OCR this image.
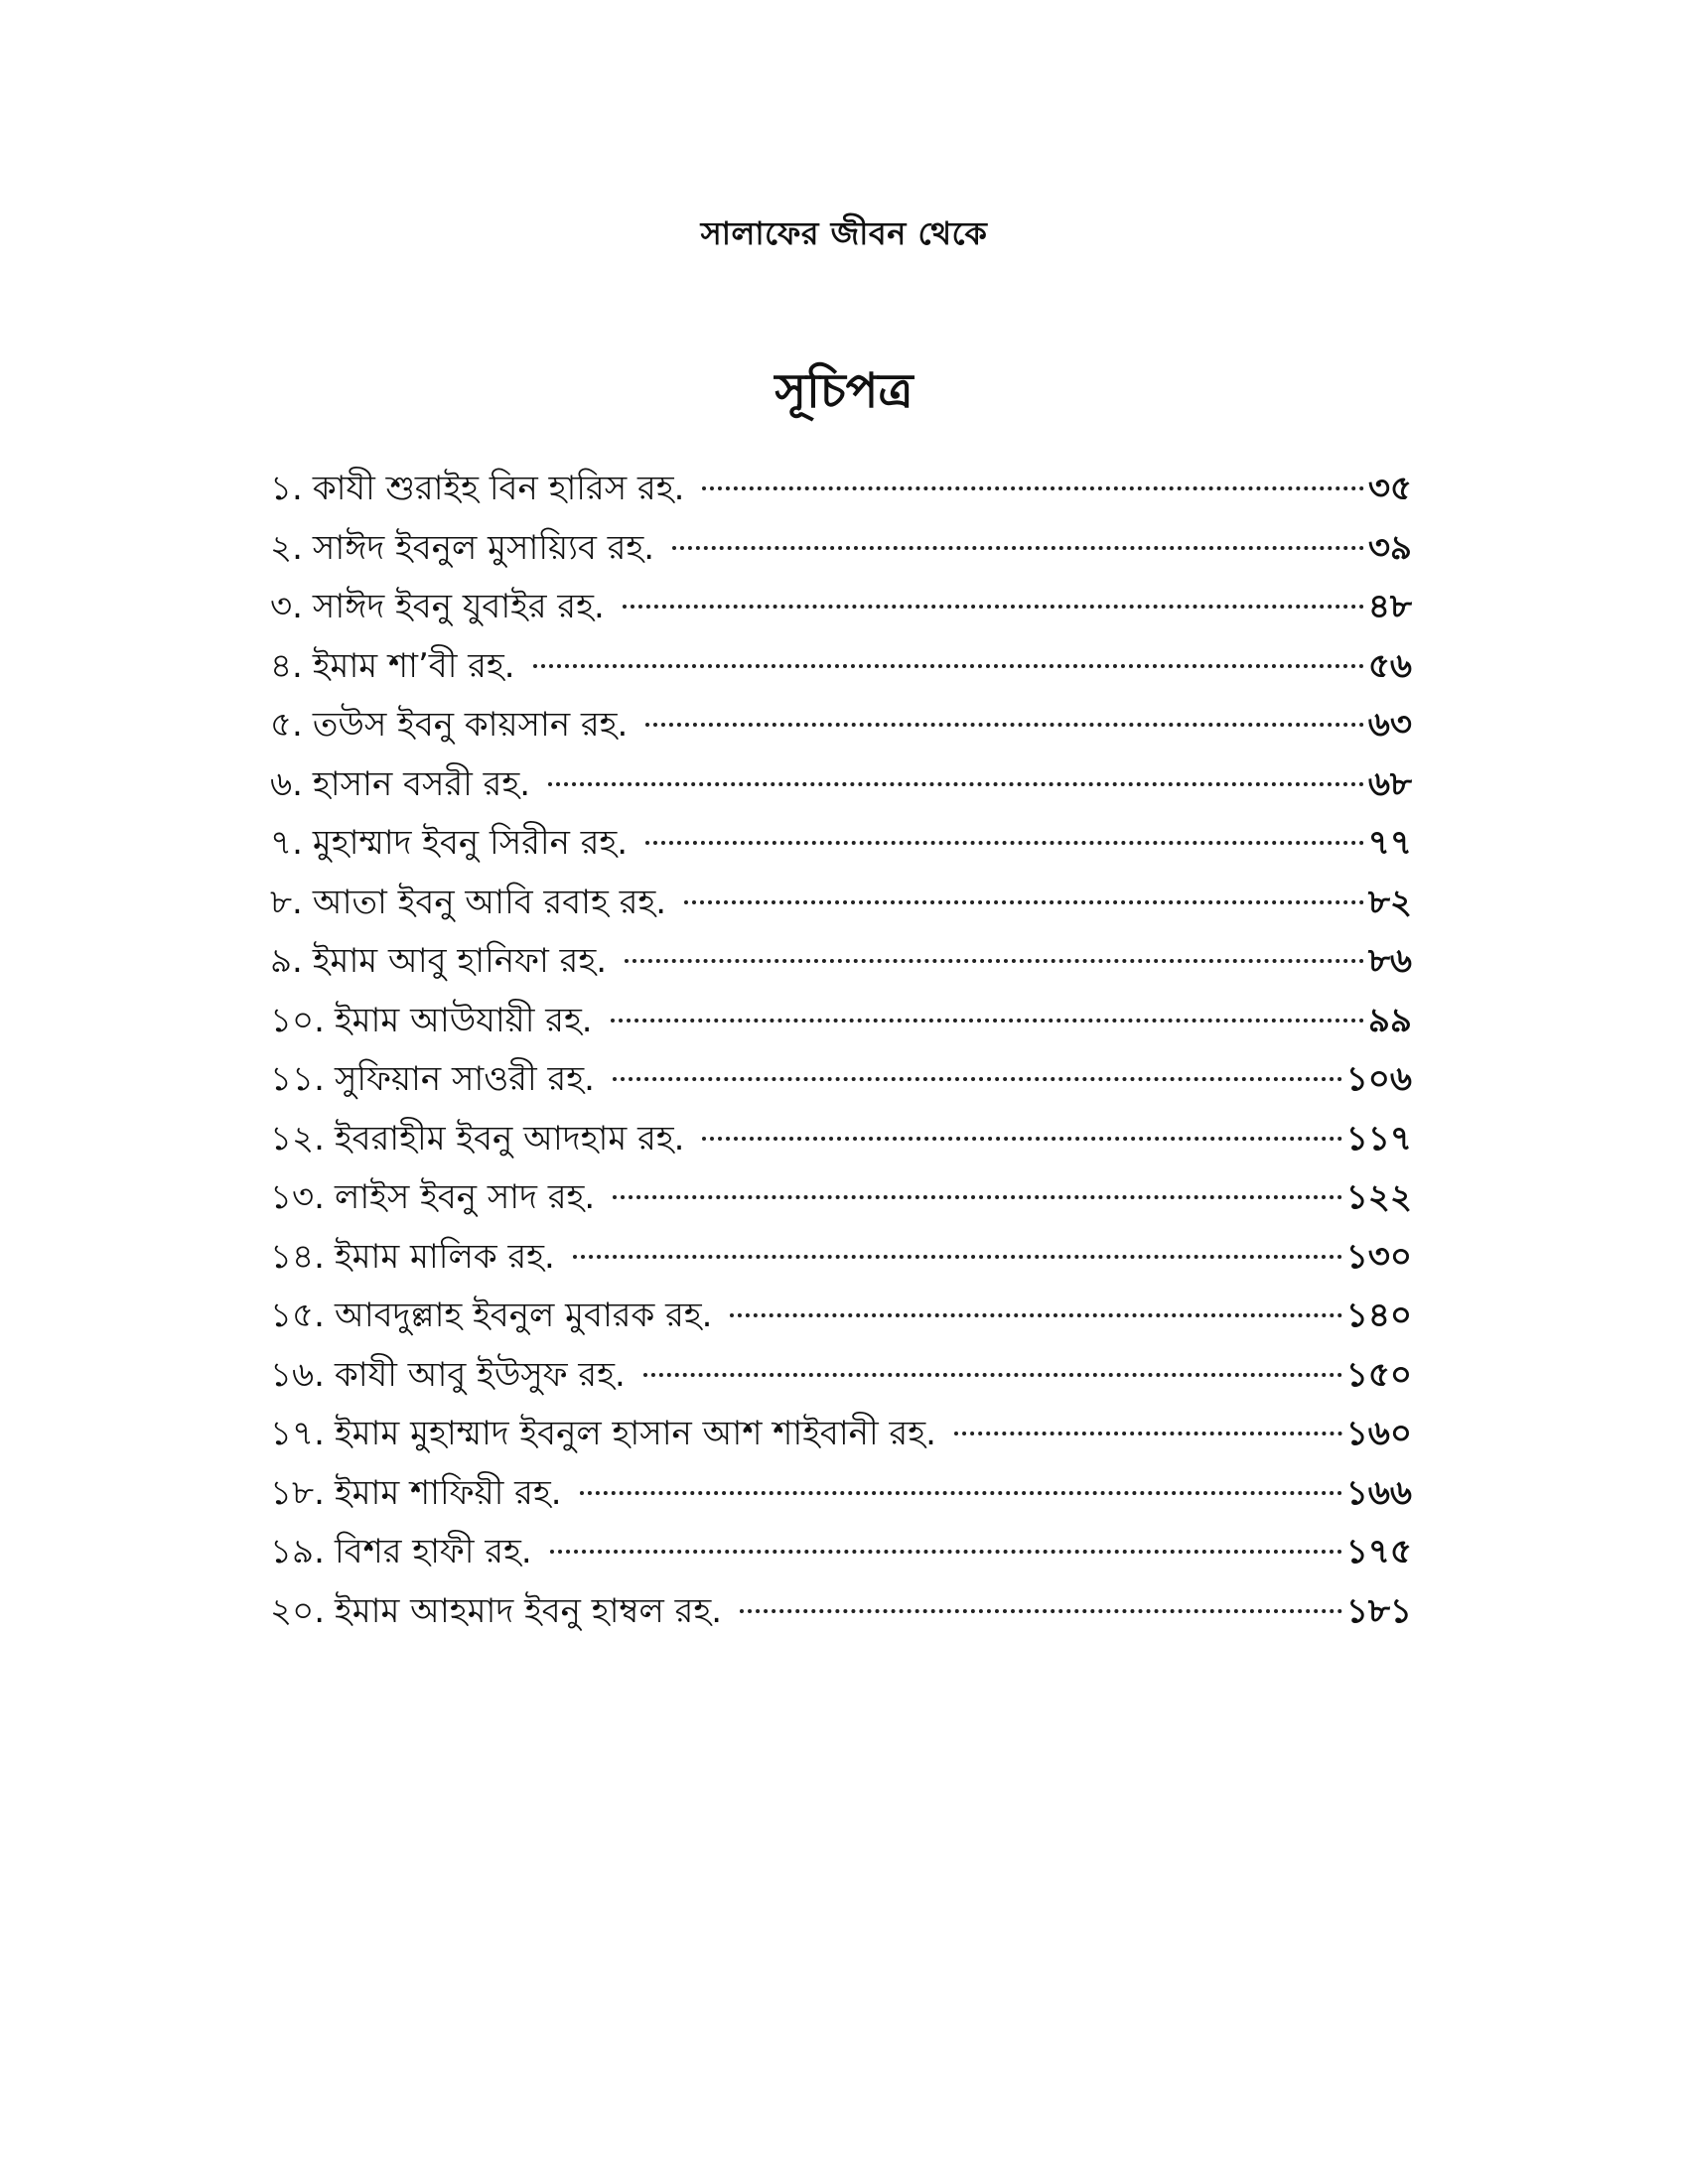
সালাফের জীবন থেকে
সূচিপত্র
১. কাযী শুরাইহ বিন হারিস রহ.	৩৫
২. সাঈদ ইবনুল মুসায়্যিব রহ.	৩৯
৩. সাঈদ ইবনু যুবাইর রহ.	৪৮
৪. ইমাম শা’বী রহ.	৫৬
৫. তউস ইবনু কায়সান রহ.	৬৩
৬. হাসান বসরী রহ.	৬৮
৭. মুহাম্মাদ ইবনু সিরীন রহ.	৭৭
৮. আতা ইবনু আবি রবাহ রহ.	৮২
৯. ইমাম আবু হানিফা রহ.	৮৬
১০. ইমাম আউযায়ী রহ.	৯৯
১১. সুফিয়ান সাওরী রহ.	১০৬
১২. ইবরাহীম ইবনু আদহাম রহ.	১১৭
১৩. লাইস ইবনু সাদ রহ.	১২২
১৪. ইমাম মালিক রহ.	১৩০
১৫. আবদুল্লাহ ইবনুল মুবারক রহ.	১৪০
১৬. কাযী আবু ইউসুফ রহ.	১৫০
১৭. ইমাম মুহাম্মাদ ইবনুল হাসান আশ শাইবানী রহ.	১৬০
১৮. ইমাম শাফিয়ী রহ.	১৬৬
১৯. বিশর হাফী রহ.	১৭৫
২০. ইমাম আহমাদ ইবনু হাম্বল রহ.	১৮১
